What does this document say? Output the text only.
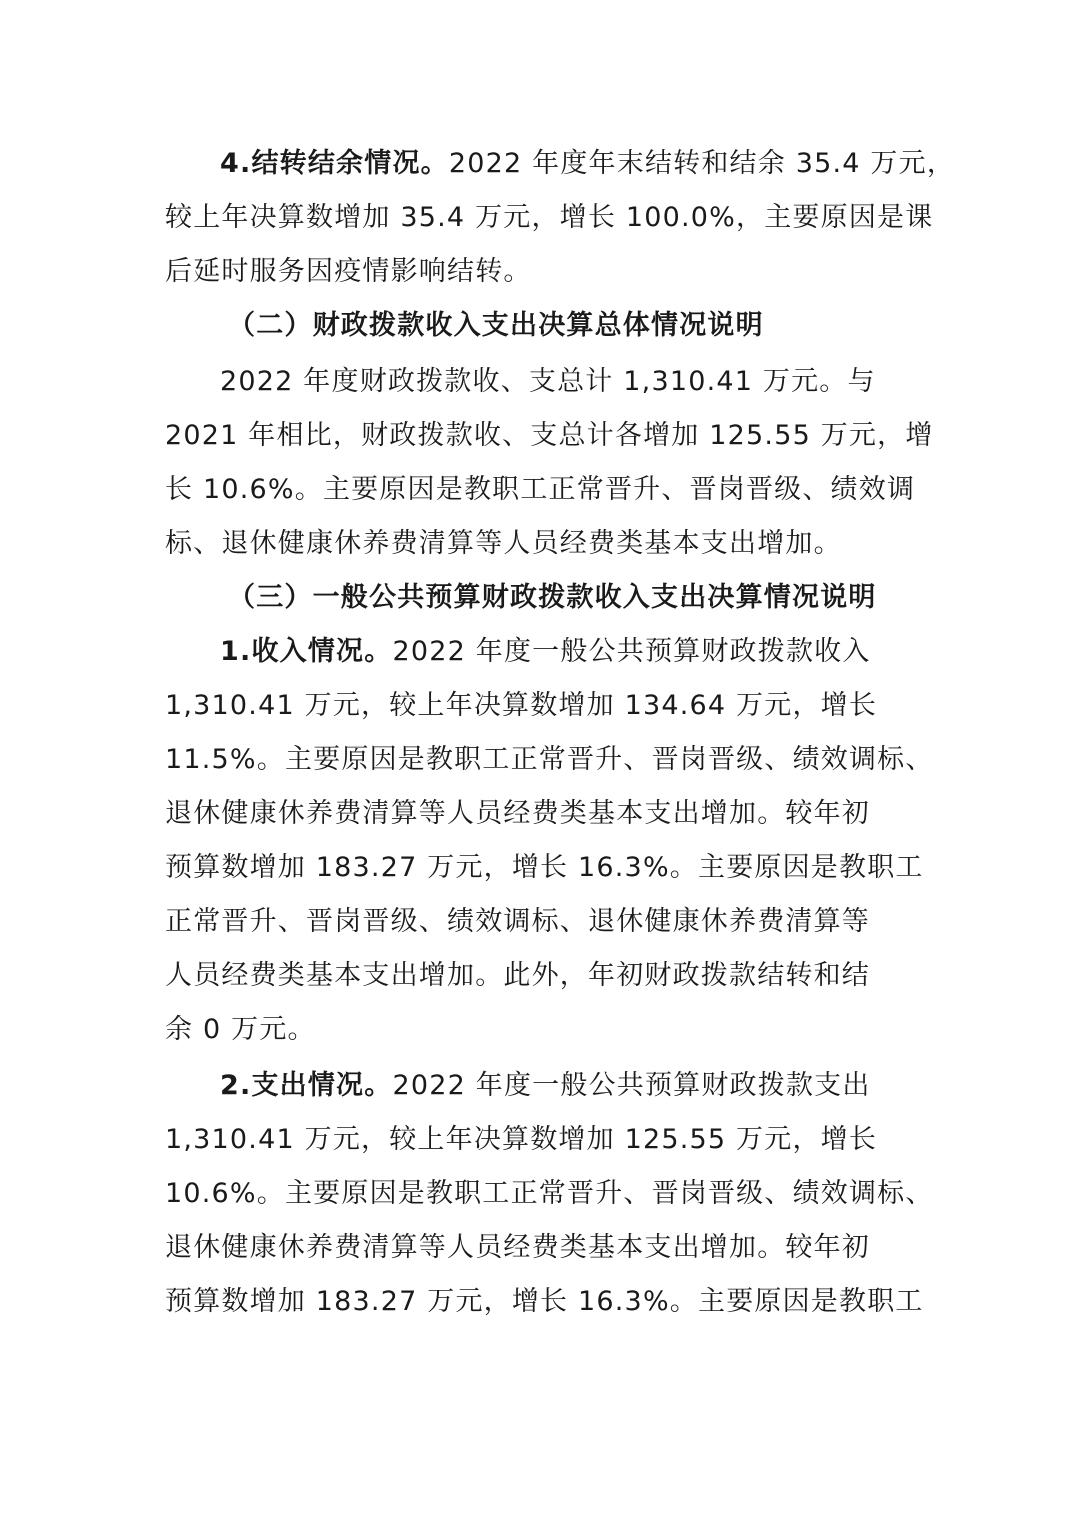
4.结转结余情况。2022 年度年末结转和结余 35.4 万元，
较上年决算数增加 35.4 万元，增长 100.0%，主要原因是课
后延时服务因疫情影响结转。
（二）财政拨款收入支出决算总体情况说明
2022 年度财政拨款收、支总计 1,310.41 万元。与
2021 年相比，财政拨款收、支总计各增加 125.55 万元，增
长 10.6%。主要原因是教职工正常晋升、晋岗晋级、绩效调
标、退休健康休养费清算等人员经费类基本支出增加。
（三）一般公共预算财政拨款收入支出决算情况说明
1.收入情况。2022 年度一般公共预算财政拨款收入
1,310.41 万元，较上年决算数增加 134.64 万元，增长
11.5%。主要原因是教职工正常晋升、晋岗晋级、绩效调标、
退休健康休养费清算等人员经费类基本支出增加。较年初
预算数增加 183.27 万元，增长 16.3%。主要原因是教职工
正常晋升、晋岗晋级、绩效调标、退休健康休养费清算等
人员经费类基本支出增加。此外，年初财政拨款结转和结
余 0 万元。
2.支出情况。2022 年度一般公共预算财政拨款支出
1,310.41 万元，较上年决算数增加 125.55 万元，增长
10.6%。主要原因是教职工正常晋升、晋岗晋级、绩效调标、
退休健康休养费清算等人员经费类基本支出增加。较年初
预算数增加 183.27 万元，增长 16.3%。主要原因是教职工
